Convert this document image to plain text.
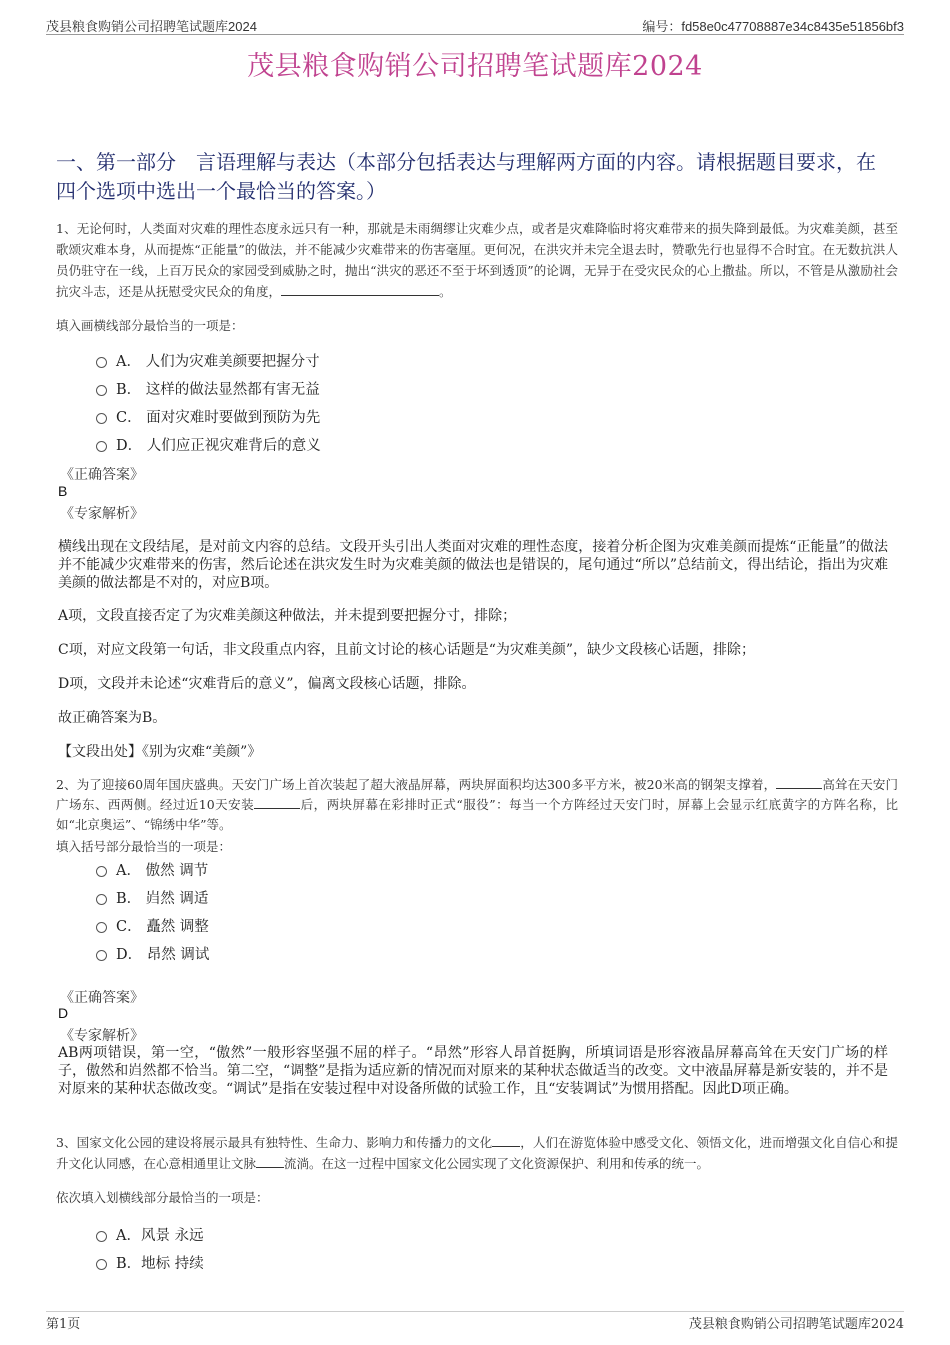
茂县粮食购销公司招聘笔试题库2024	编号：fd58e0c47708887e34c8435e51856bf3
茂县粮食购销公司招聘笔试题库2024
一、第一部分　言语理解与表达（本部分包括表达与理解两方面的内容。请根据题目要求，在四个选项中选出一个最恰当的答案。）
1、无论何时，人类面对灾难的理性态度永远只有一种，那就是未雨绸缪让灾难少点，或者是灾难降临时将灾难带来的损失降到最低。为灾难美颜，甚至歌颂灾难本身，从而提炼“正能量”的做法，并不能减少灾难带来的伤害毫厘。更何况，在洪灾并未完全退去时，赞歌先行也显得不合时宜。在无数抗洪人员仍驻守在一线，上百万民众的家园受到威胁之时，抛出“洪灾的恶还不至于坏到透顶”的论调，无异于在受灾民众的心上撒盐。所以，不管是从激励社会抗灾斗志，还是从抚慰受灾民众的角度，	。
填入画横线部分最恰当的一项是：
A． 人们为灾难美颜要把握分寸
B． 这样的做法显然都有害无益
C． 面对灾难时要做到预防为先
D． 人们应正视灾难背后的意义
《正确答案》
B
《专家解析》
横线出现在文段结尾，是对前文内容的总结。文段开头引出人类面对灾难的理性态度，接着分析企图为灾难美颜而提炼“正能量”的做法并不能减少灾难带来的伤害，然后论述在洪灾发生时为灾难美颜的做法也是错误的，尾句通过“所以”总结前文，得出结论，指出为灾难美颜的做法都是不对的，对应B项。
A项，文段直接否定了为灾难美颜这种做法，并未提到要把握分寸，排除；
C项，对应文段第一句话，非文段重点内容，且前文讨论的核心话题是“为灾难美颜”，缺少文段核心话题，排除；
D项，文段并未论述“灾难背后的意义”，偏离文段核心话题，排除。
故正确答案为B。
【文段出处】《别为灾难“美颜”》
2、为了迎接60周年国庆盛典。天安门广场上首次装起了超大液晶屏幕，两块屏面积均达300多平方米，被20米高的钢架支撑着，	高耸在天安门广场东、西两侧。经过近10天安装	后，两块屏幕在彩排时正式“服役”：每当一个方阵经过天安门时，屏幕上会显示红底黄字的方阵名称，比如“北京奥运”、“锦绣中华”等。
填入括号部分最恰当的一项是：
A． 傲然 调节
B． 岿然 调适
C． 矗然 调整
D． 昂然 调试
《正确答案》
D
《专家解析》
AB两项错误，第一空，“傲然”一般形容坚强不屈的样子。“昂然”形容人昂首挺胸，所填词语是形容液晶屏幕高耸在天安门广场的样子，傲然和岿然都不恰当。第二空，“调整”是指为适应新的情况而对原来的某种状态做适当的改变。文中液晶屏幕是新安装的，并不是对原来的某种状态做改变。“调试”是指在安装过程中对设备所做的试验工作，且“安装调试”为惯用搭配。因此D项正确。
3、国家文化公园的建设将展示最具有独特性、生命力、影响力和传播力的文化 ，人们在游览体验中感受文化、领悟文化，进而增强文化自信心和提升文化认同感，在心意相通里让文脉 流淌。在这一过程中国家文化公园实现了文化资源保护、利用和传承的统一。
依次填入划横线部分最恰当的一项是：
A．风景 永远
B．地标 持续
第1页	茂县粮食购销公司招聘笔试题库2024
